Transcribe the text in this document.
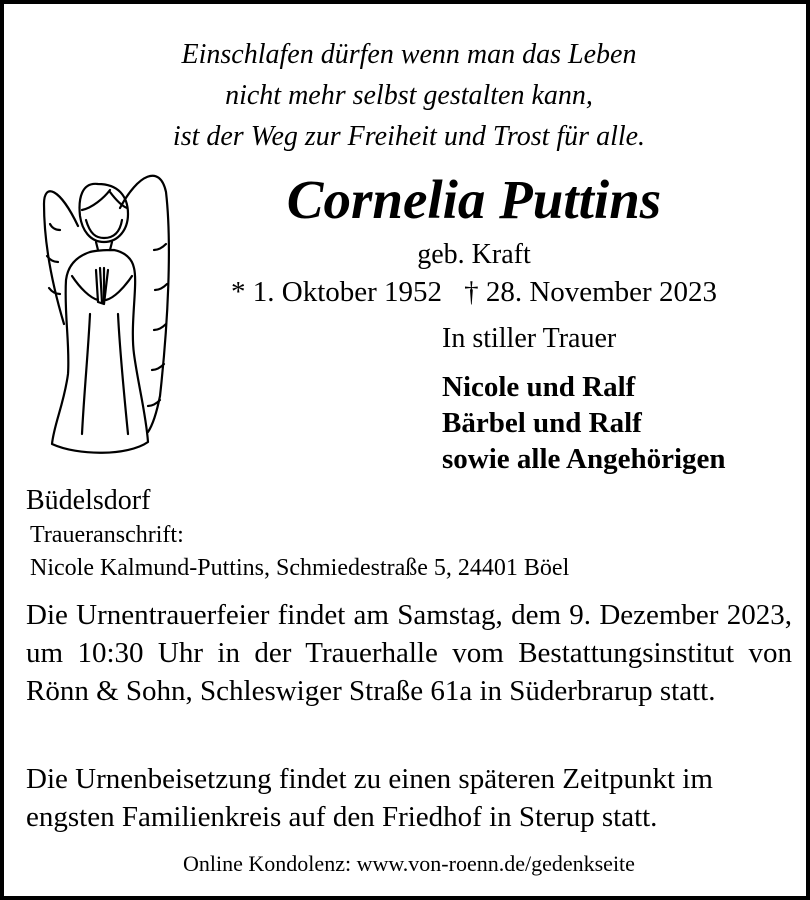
Einschlafen dürfen wenn man das Leben
nicht mehr selbst gestalten kann,
ist der Weg zur Freiheit und Trost für alle.
Cornelia Puttins
geb. Kraft
* 1. Oktober 1952 † 28. November 2023
In stiller Trauer
Nicole und Ralf
Bärbel und Ralf
sowie alle Angehörigen
Büdelsdorf
Traueranschrift:
Nicole Kalmund-Puttins, Schmiedestraße 5, 24401 Böel

Die Urnentrauerfeier findet am Samstag, dem 9. Dezember 2023, um 10:30 Uhr in der Trauerhalle vom Bestattungsinstitut von Rönn & Sohn, Schleswiger Straße 61a in Süderbrarup statt.

Die Urnenbeisetzung findet zu einen späteren Zeitpunkt im engsten Familienkreis auf den Friedhof in Sterup statt.

Online Kondolenz: www.von-roenn.de/gedenkseite
